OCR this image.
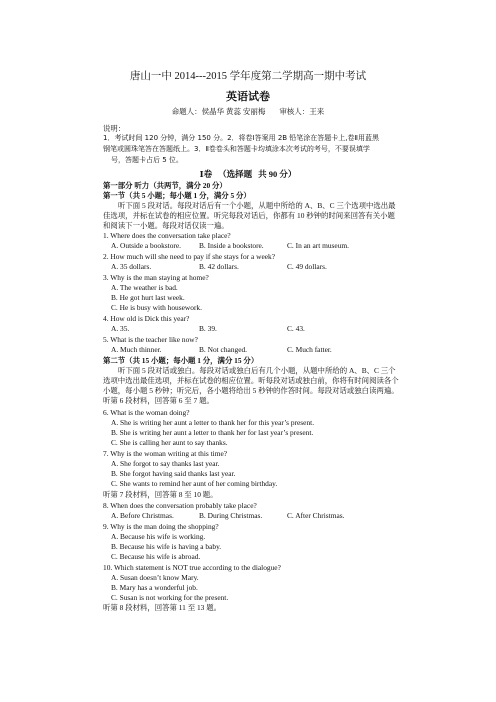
唐山一中 2014---2015 学年度第二学期高一期中考试
英语试卷
命题人：侯晶华 黄蕊 安丽梅 审核人：王来
说明：
1．考试时间 120 分钟，满分 150 分。2．将卷Ⅰ答案用 2B 铅笔涂在答题卡上,卷Ⅱ用蓝黑
钢笔或圆珠笔答在答题纸上。3．Ⅱ卷卷头和答题卡均填涂本次考试的考号，不要误填学
号，答题卡占后 5 位。
Ⅰ卷 （选择题 共 90 分）
第一部分 听力（共两节，满分 20 分）
第一节（共 5 小题；每小题 1 分，满分 5 分）
听下面 5 段对话。每段对话后有一个小题，从题中所给的 A、B、C 三个选项中选出最
佳选项，并标在试卷的相应位置。听完每段对话后，你都有 10 秒钟的时间来回答有关小题
和阅读下一小题。每段对话仅读一遍。
1. Where does the conversation take place?
A. Outside a bookstore. B. Inside a bookstore.	C. In an art museum.
2. How much will she need to pay if she stays for a week?
A. 35 dollars.	B. 42 dollars.	C. 49 dollars.
3. Why is the man staying at home?
A. The weather is bad.
B. He got hurt last week.
C. He is busy with housework.
4. How old is Dick this year?
A. 35.	B. 39.	C. 43.
5. What is the teacher like now?
A. Much thinner.	B. Not changed.	C. Much fatter.
第二节（共 15 小题；每小题 1 分，满分 15 分）
听下面 5 段对话或独白。每段对话或独白后有几个小题，从题中所给的 A、B、C 三个
选项中选出最佳选项，并标在试卷的相应位置。听每段对话或独白前，你将有时间阅读各个
小题，每小题 5 秒钟；听完后，各小题将给出 5 秒钟的作答时间。每段对话或独白读两遍。
听第 6 段材料，回答第 6 至 7 题。
6. What is the woman doing?
A. She is writing her aunt a letter to thank her for this year’s present.
B. She is writing her aunt a letter to thank her for last year’s present.
C. She is calling her aunt to say thanks.
7. Why is the woman writing at this time?
A. She forgot to say thanks last year.
B. She forgot having said thanks last year.
C. She wants to remind her aunt of her coming birthday.
听第 7 段材料，回答第 8 至 10 题。
8. When does the conversation probably take place?
A. Before Christmas.	B. During Christmas.	C. After Christmas.
9. Why is the man doing the shopping?
A. Because his wife is working.
B. Because his wife is having a baby.
C. Because his wife is abroad.
10. Which statement is NOT true according to the dialogue?
A. Susan doesn’t know Mary.
B. Mary has a wonderful job.
C. Susan is not working for the present.
听第 8 段材料，回答第 11 至 13 题。
